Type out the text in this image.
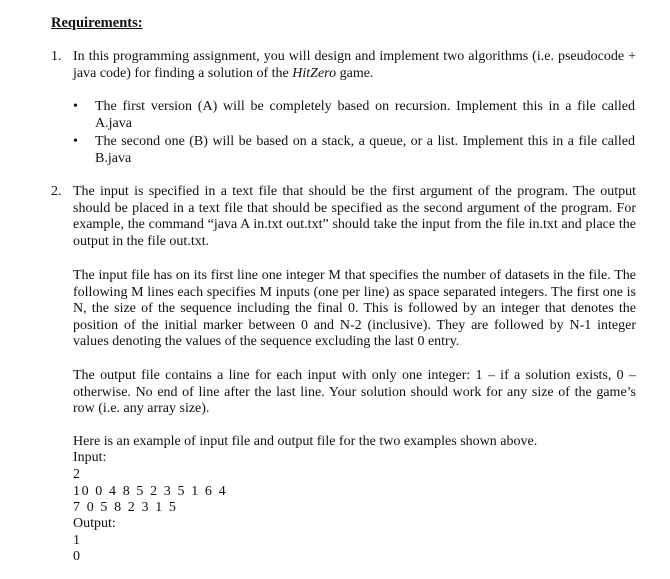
Requirements:
1. In this programming assignment, you will design and implement two algorithms (i.e. pseudocode + java code) for finding a solution of the HitZero game.
• The first version (A) will be completely based on recursion. Implement this in a file called A.java
• The second one (B) will be based on a stack, a queue, or a list. Implement this in a file called B.java
2. The input is specified in a text file that should be the first argument of the program. The output should be placed in a text file that should be specified as the second argument of the program. For example, the command “java A in.txt out.txt” should take the input from the file in.txt and place the output in the file out.txt.
The input file has on its first line one integer M that specifies the number of datasets in the file. The following M lines each specifies M inputs (one per line) as space separated integers. The first one is N, the size of the sequence including the final 0. This is followed by an integer that denotes the position of the initial marker between 0 and N-2 (inclusive). They are followed by N-1 integer values denoting the values of the sequence excluding the last 0 entry.
The output file contains a line for each input with only one integer: 1 – if a solution exists, 0 – otherwise. No end of line after the last line. Your solution should work for any size of the game’s row (i.e. any array size).
Here is an example of input file and output file for the two examples shown above.
Input:
2
10 0 4 8 5 2 3 5 1 6 4
7 0 5 8 2 3 1 5
Output:
1
0
